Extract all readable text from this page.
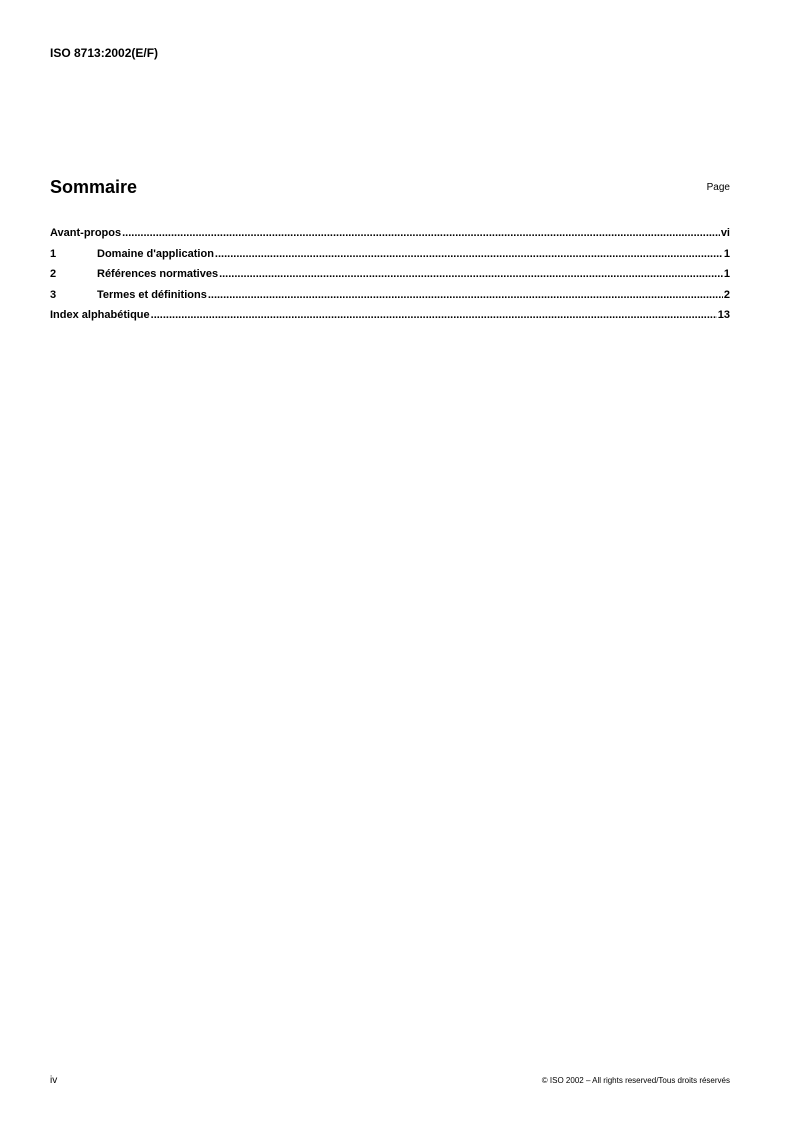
ISO 8713:2002(E/F)
Sommaire	Page
Avant-propos .....	vi
1	Domaine d'application .....	1
2	Références normatives .....	1
3	Termes et définitions .....	2
Index alphabétique .....	13
iv	© ISO 2002 – All rights reserved/Tous droits réservés
